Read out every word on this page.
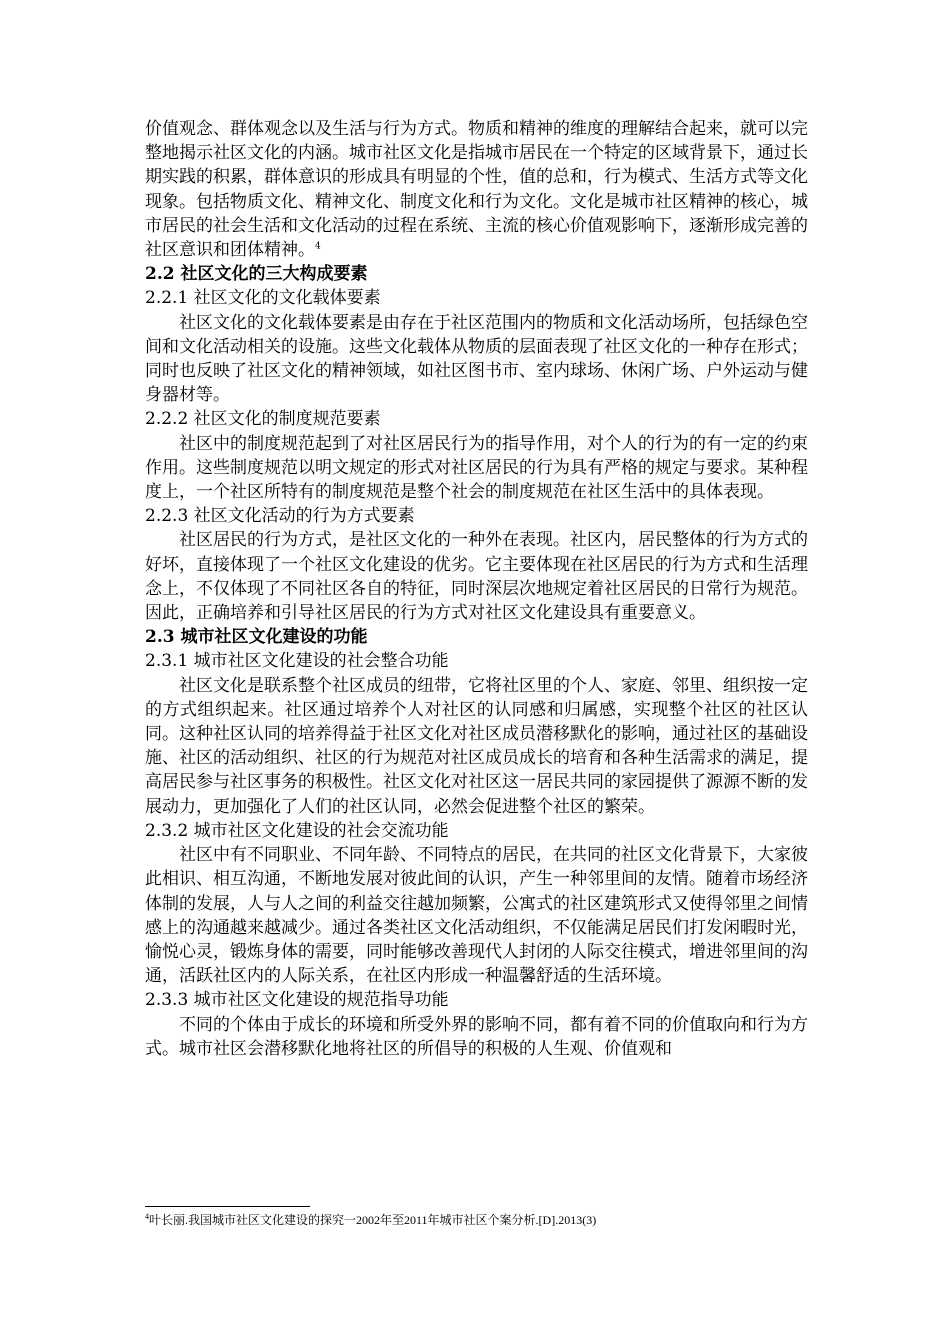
价值观念、群体观念以及生活与行为方式。物质和精神的维度的理解结合起来，就可以完整地揭示社区文化的内涵。城市社区文化是指城市居民在一个特定的区域背景下，通过长期实践的积累，群体意识的形成具有明显的个性，值的总和，行为模式、生活方式等文化现象。包括物质文化、精神文化、制度文化和行为文化。文化是城市社区精神的核心，城市居民的社会生活和文化活动的过程在系统、主流的核心价值观影响下，逐渐形成完善的社区意识和团体精神。$^4$

2.2 社区文化的三大构成要素

2.2.1 社区文化的文化载体要素

社区文化的文化载体要素是由存在于社区范围内的物质和文化活动场所，包括绿色空间和文化活动相关的设施。这些文化载体从物质的层面表现了社区文化的一种存在形式；同时也反映了社区文化的精神领域，如社区图书市、室内球场、休闲广场、户外运动与健身器材等。

2.2.2 社区文化的制度规范要素

社区中的制度规范起到了对社区居民行为的指导作用，对个人的行为的有一定的约束作用。这些制度规范以明文规定的形式对社区居民的行为具有严格的规定与要求。某种程度上，一个社区所特有的制度规范是整个社会的制度规范在社区生活中的具体表现。

2.2.3 社区文化活动的行为方式要素

社区居民的行为方式，是社区文化的一种外在表现。社区内，居民整体的行为方式的好坏，直接体现了一个社区文化建设的优劣。它主要体现在社区居民的行为方式和生活理念上，不仅体现了不同社区各自的特征，同时深层次地规定着社区居民的日常行为规范。因此，正确培养和引导社区居民的行为方式对社区文化建设具有重要意义。

2.3 城市社区文化建设的功能

2.3.1 城市社区文化建设的社会整合功能

社区文化是联系整个社区成员的纽带，它将社区里的个人、家庭、邻里、组织按一定的方式组织起来。社区通过培养个人对社区的认同感和归属感，实现整个社区的社区认同。这种社区认同的培养得益于社区文化对社区成员潜移默化的影响，通过社区的基础设施、社区的活动组织、社区的行为规范对社区成员成长的培育和各种生活需求的满足，提高居民参与社区事务的积极性。社区文化对社区这一居民共同的家园提供了源源不断的发展动力，更加强化了人们的社区认同，必然会促进整个社区的繁荣。

2.3.2 城市社区文化建设的社会交流功能

社区中有不同职业、不同年龄、不同特点的居民，在共同的社区文化背景下，大家彼此相识、相互沟通，不断地发展对彼此间的认识，产生一种邻里间的友情。随着市场经济体制的发展，人与人之间的利益交往越加频繁，公寓式的社区建筑形式又使得邻里之间情感上的沟通越来越减少。通过各类社区文化活动组织，不仅能满足居民们打发闲暇时光，愉悦心灵，锻炼身体的需要，同时能够改善现代人封闭的人际交往模式，增进邻里间的沟通，活跃社区内的人际关系，在社区内形成一种温馨舒适的生活环境。

2.3.3 城市社区文化建设的规范指导功能

不同的个体由于成长的环境和所受外界的影响不同，都有着不同的价值取向和行为方式。城市社区会潜移默化地将社区的所倡导的积极的人生观、价值观和

$^4$叶长丽.我国城市社区文化建设的探究一2002年至2011年城市社区个案分析.[D].2013(3)
